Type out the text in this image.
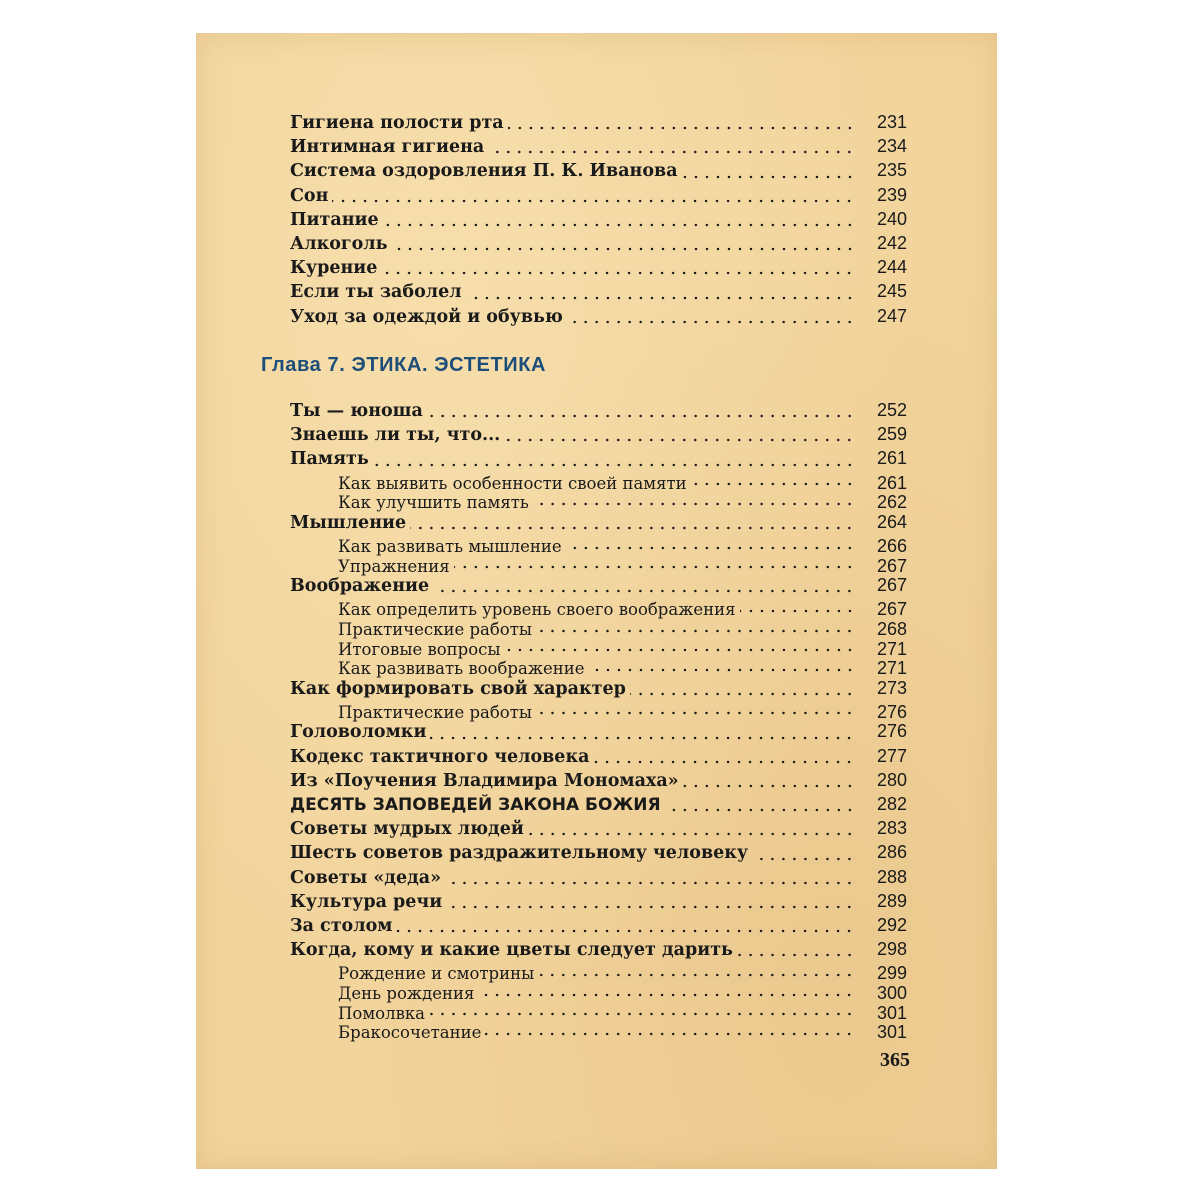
Гигиена полости рта	231
Интимная гигиена	234
Система оздоровления П. К. Иванова	235
Сон	239
Питание	240
Алкоголь	242
Курение	244
Если ты заболел	245
Уход за одеждой и обувью	247
Глава 7. ЭТИКА. ЭСТЕТИКА
Ты — юноша	252
Знаешь ли ты, что...	259
Память	261
Как выявить особенности своей памяти	261
Как улучшить память	262
Мышление	264
Как развивать мышление	266
Упражнения	267
Воображение	267
Как определить уровень своего воображения	267
Практические работы	268
Итоговые вопросы	271
Как развивать воображение	271
Как формировать свой характер	273
Практические работы	276
Головоломки	276
Кодекс тактичного человека	277
Из «Поучения Владимира Мономаха»	280
ДЕСЯТЬ ЗАПОВЕДЕЙ ЗАКОНА БОЖИЯ	282
Советы мудрых людей	283
Шесть советов раздражительному человеку	286
Советы «деда»	288
Культура речи	289
За столом	292
Когда, кому и какие цветы следует дарить	298
Рождение и смотрины	299
День рождения	300
Помолвка	301
Бракосочетание	301
365
